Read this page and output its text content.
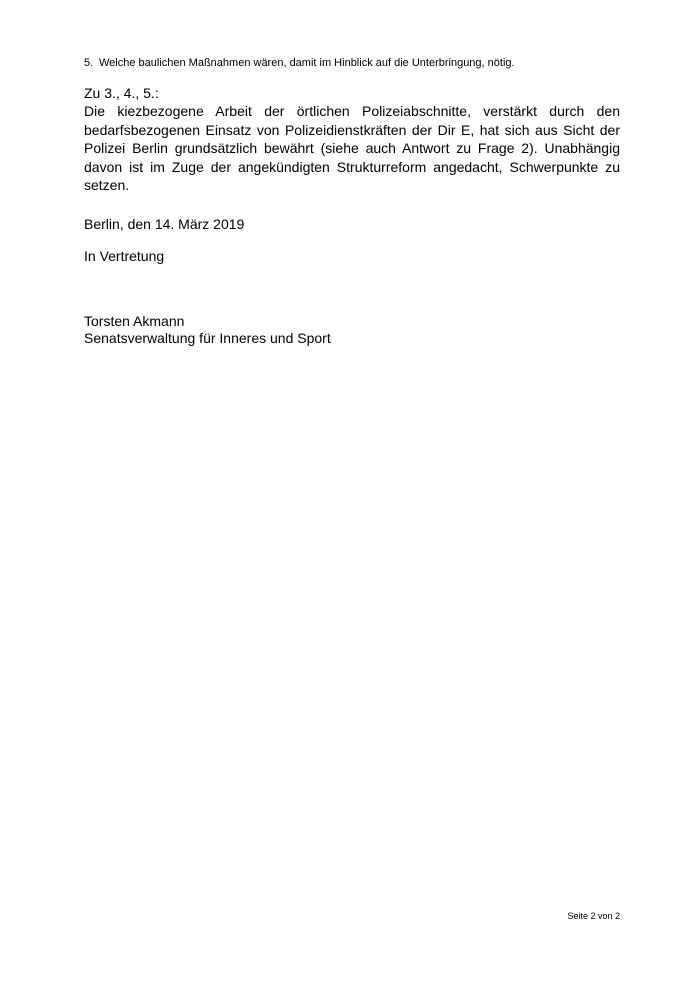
5. Welche baulichen Maßnahmen wären, damit im Hinblick auf die Unterbringung, nötig.
Zu 3., 4., 5.:
Die kiezbezogene Arbeit der örtlichen Polizeiabschnitte, verstärkt durch den bedarfsbezogenen Einsatz von Polizeidienstkräften der Dir E, hat sich aus Sicht der Polizei Berlin grundsätzlich bewährt (siehe auch Antwort zu Frage 2). Unabhängig davon ist im Zuge der angekündigten Strukturreform angedacht, Schwerpunkte zu setzen.
Berlin, den 14. März 2019
In Vertretung
Torsten Akmann
Senatsverwaltung für Inneres und Sport
Seite 2 von 2
